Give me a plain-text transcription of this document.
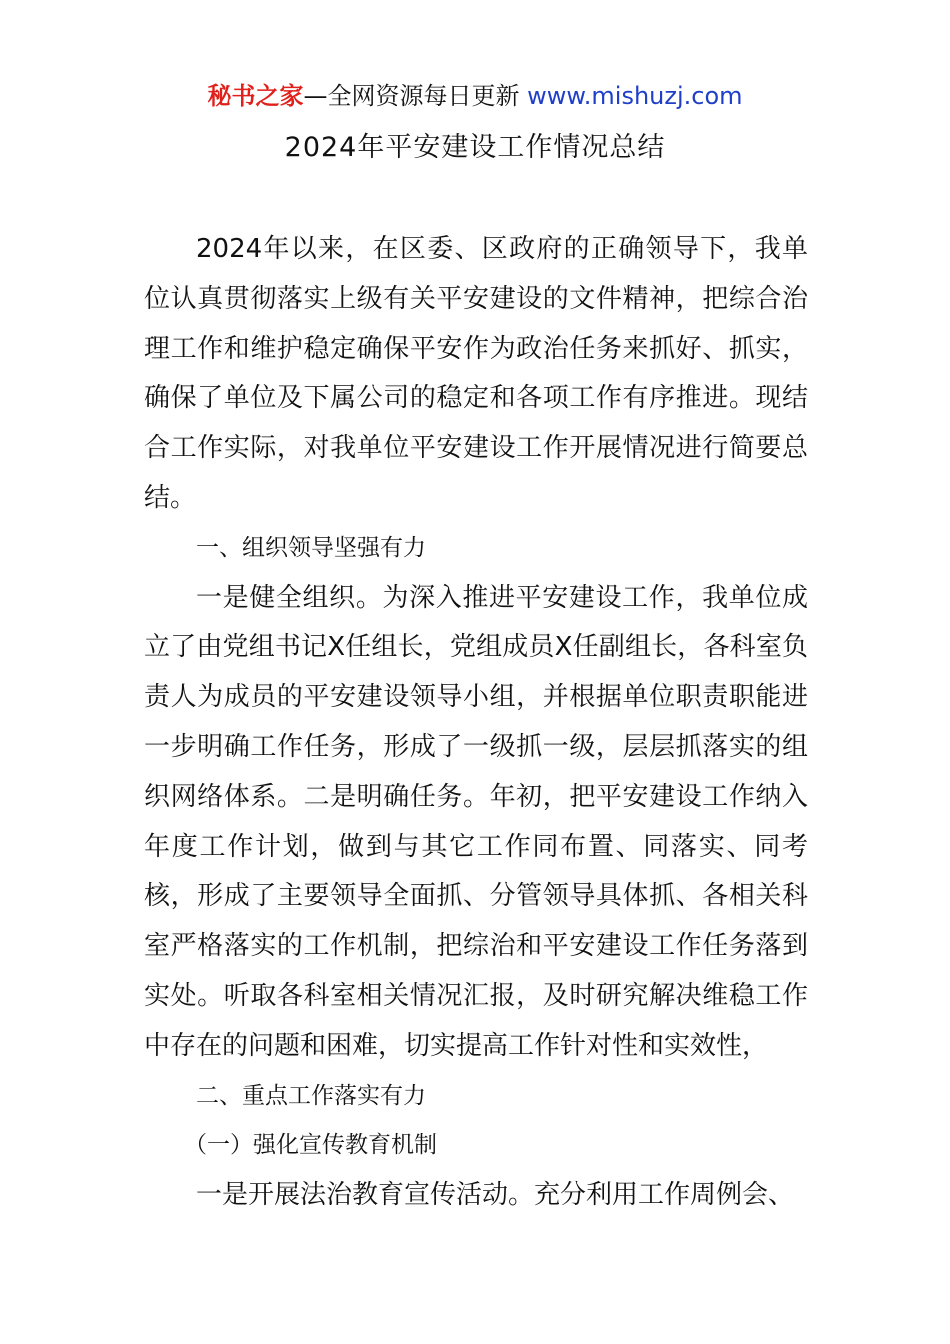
秘书之家—全网资源每日更新 www.mishuzj.com
2024年平安建设工作情况总结

2024年以来，在区委、区政府的正确领导下，我单位认真贯彻落实上级有关平安建设的文件精神，把综合治理工作和维护稳定确保平安作为政治任务来抓好、抓实，确保了单位及下属公司的稳定和各项工作有序推进。现结合工作实际，对我单位平安建设工作开展情况进行简要总结。

一、组织领导坚强有力

一是健全组织。为深入推进平安建设工作，我单位成立了由党组书记X任组长，党组成员X任副组长，各科室负责人为成员的平安建设领导小组，并根据单位职责职能进一步明确工作任务，形成了一级抓一级，层层抓落实的组织网络体系。二是明确任务。年初，把平安建设工作纳入年度工作计划，做到与其它工作同布置、同落实、同考核，形成了主要领导全面抓、分管领导具体抓、各相关科室严格落实的工作机制，把综治和平安建设工作任务落到实处。听取各科室相关情况汇报，及时研究解决维稳工作中存在的问题和困难，切实提高工作针对性和实效性，

二、重点工作落实有力

（一）强化宣传教育机制

一是开展法治教育宣传活动。充分利用工作周例会、
